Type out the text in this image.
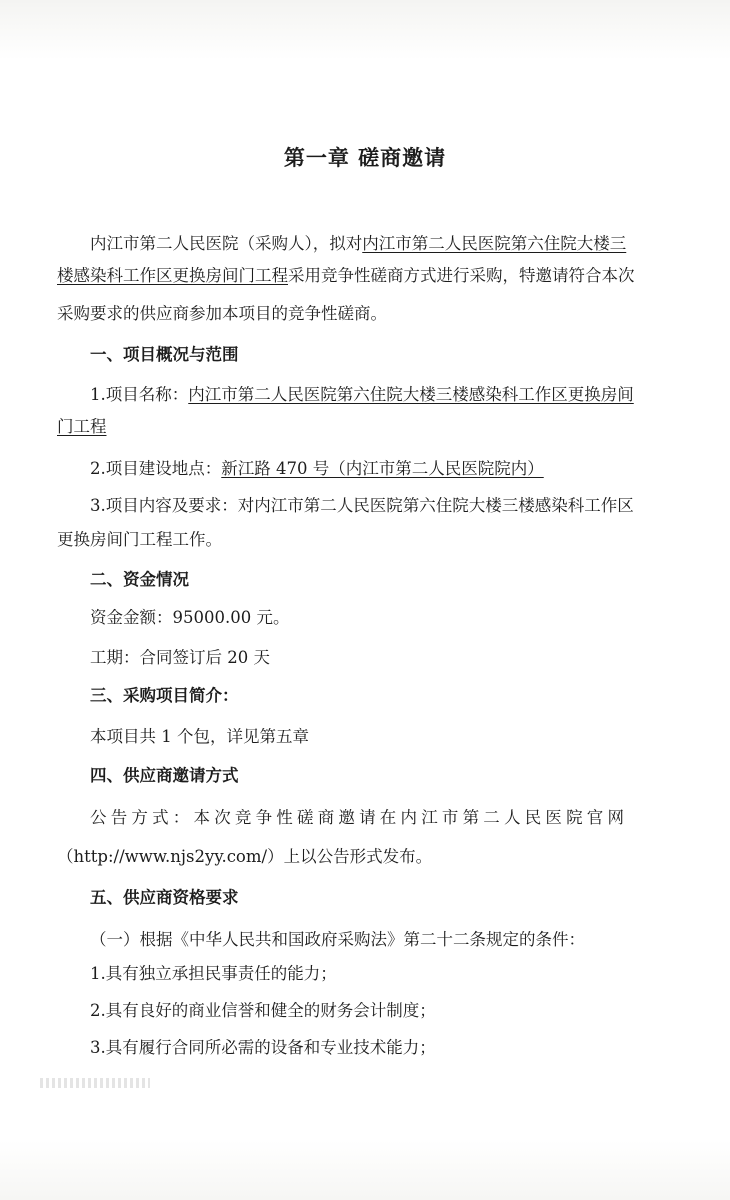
第一章 磋商邀请
内江市第二人民医院（采购人），拟对内江市第二人民医院第六住院大楼三
楼感染科工作区更换房间门工程采用竞争性磋商方式进行采购，特邀请符合本次
采购要求的供应商参加本项目的竞争性磋商。
一、项目概况与范围
1.项目名称：内江市第二人民医院第六住院大楼三楼感染科工作区更换房间
门工程
2.项目建设地点：新江路 470 号（内江市第二人民医院院内）
3.项目内容及要求：对内江市第二人民医院第六住院大楼三楼感染科工作区
更换房间门工程工作。
二、资金情况
资金金额：95000.00 元。
工期：合同签订后 20 天
三、采购项目简介：
本项目共 1 个包，详见第五章
四、供应商邀请方式
公告方式：本次竞争性磋商邀请在内江市第二人民医院官网
（http://www.njs2yy.com/）上以公告形式发布。
五、供应商资格要求
（一）根据《中华人民共和国政府采购法》第二十二条规定的条件：
1.具有独立承担民事责任的能力；
2.具有良好的商业信誉和健全的财务会计制度；
3.具有履行合同所必需的设备和专业技术能力；
